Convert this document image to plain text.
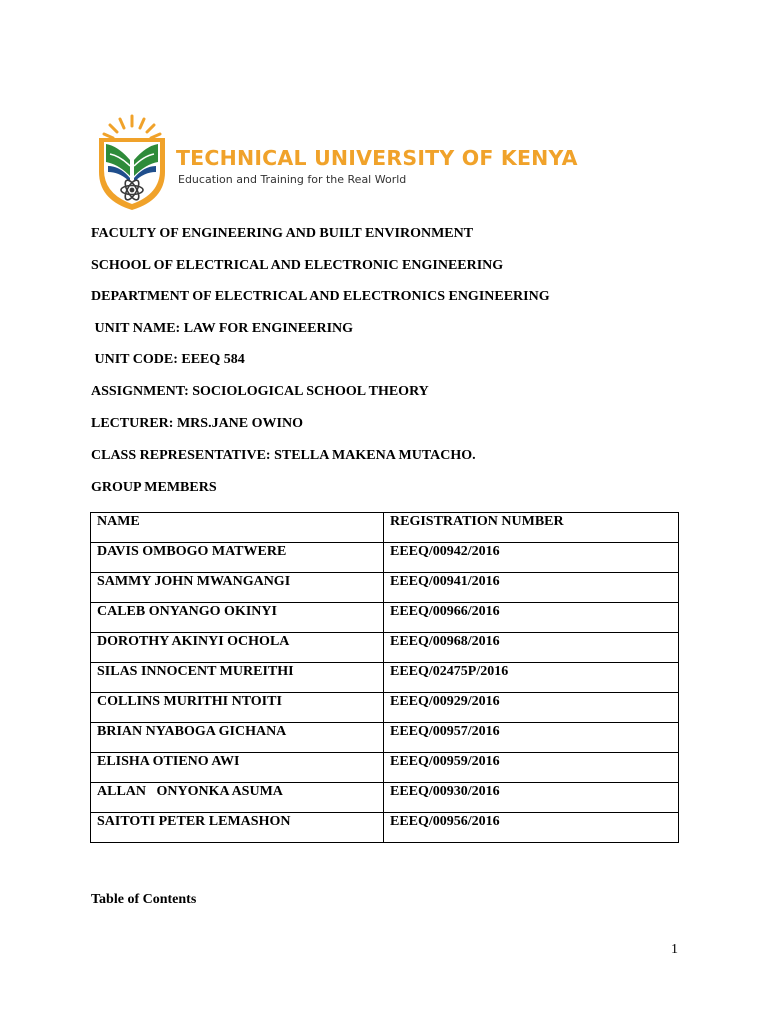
TECHNICAL UNIVERSITY OF KENYA
Education and Training for the Real World
FACULTY OF ENGINEERING AND BUILT ENVIRONMENT
SCHOOL OF ELECTRICAL AND ELECTRONIC ENGINEERING
DEPARTMENT OF ELECTRICAL AND ELECTRONICS ENGINEERING
UNIT NAME: LAW FOR ENGINEERING
UNIT CODE: EEEQ 584
ASSIGNMENT: SOCIOLOGICAL SCHOOL THEORY
LECTURER: MRS.JANE OWINO
CLASS REPRESENTATIVE: STELLA MAKENA MUTACHO.
GROUP MEMBERS
NAME	REGISTRATION NUMBER

DAVIS OMBOGO MATWERE	EEEQ/00942/2016

SAMMY JOHN MWANGANGI	EEEQ/00941/2016

CALEB ONYANGO OKINYI	EEEQ/00966/2016

DOROTHY AKINYI OCHOLA	EEEQ/00968/2016

SILAS INNOCENT MUREITHI	EEEQ/02475P/2016

COLLINS MURITHI NTOITI	EEEQ/00929/2016

BRIAN NYABOGA GICHANA	EEEQ/00957/2016

ELISHA OTIENO AWI	EEEQ/00959/2016

ALLAN   ONYONKA ASUMA	EEEQ/00930/2016

SAITOTI PETER LEMASHON	EEEQ/00956/2016
Table of Contents
1
